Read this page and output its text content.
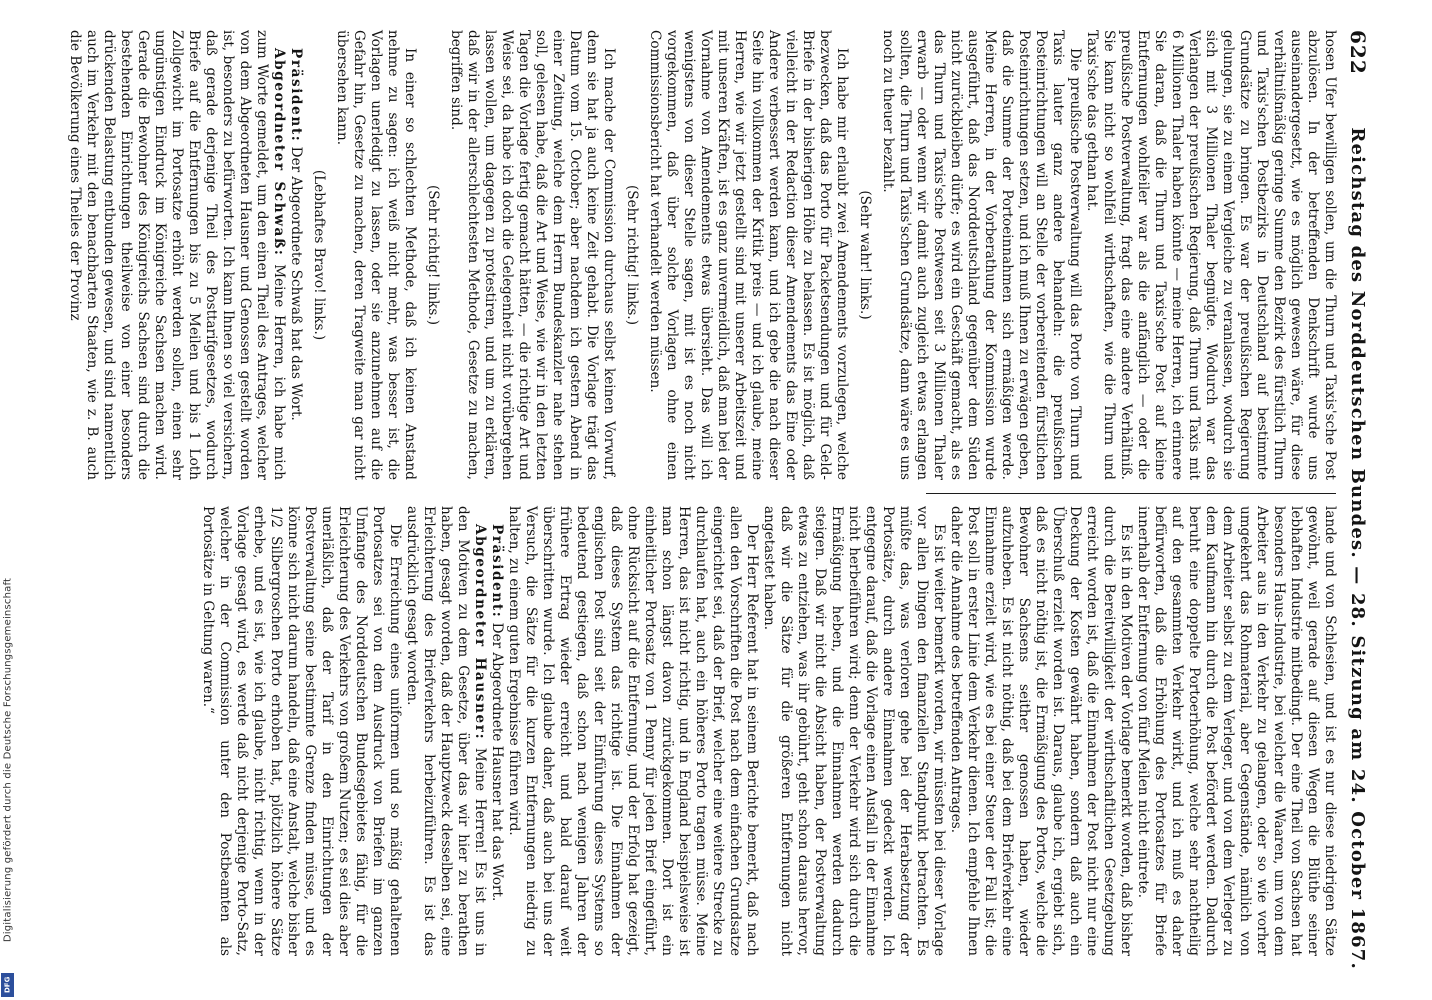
Digitalisierung gefördert durch die Deutsche Forschungsgemeinschaft
DFG
622
Reichstag des Norddeutschen Bundes. — 28. Sitzung am 24. October 1867.

hosen Ufer bewilligen sollen, um die Thurn und Taxis'sche Post abzulösen. In der betreffenden Denkschrift wurde uns auseinandergesetzt, wie es möglich gewesen wäre, für diese verhältnißmäßig geringe Summe den Bezirk des fürstlich Thurn und Taxis'schen Postbezirks in Deutschland auf bestimmte Grundsätze zu bringen. Es war der preußischen Regierung gelungen, sie zu einem Vergleiche zu veranlassen, wodurch sie sich mit 3 Millionen Thaler begnügte. Wodurch war das Verlangen der preußischen Regierung, daß Thurn und Taxis mit 6 Millionen Thaler haben könnte — meine Herren, ich erinnere Sie daran, daß die Thurn und Taxis'sche Post auf kleine Entfernungen wohlfeiler war als die anfänglich — oder die preußische Postverwaltung, fragt das eine andere Verhältniß. Sie kann nicht so wohlfeil wirthschaften, wie die Thurn und Taxis'sche das gethan hat.

Die preußische Postverwaltung will das Porto von Thurn und Taxis lauter ganz andere behandeln: die preußischen Posteinrichtungen will an Stelle der vorbereitenden fürstlichen Posteinrichtungen setzen, und ich muß Ihnen zu erwägen geben, daß die Summe der Portoeinnahmen sich ermäßigen werde. Meine Herren, in der Vorberathung der Kommission wurde ausgeführt, daß das Norddeutschland gegenüber dem Süden nicht zurückbleiben dürfe; es wird ein Geschäft gemacht, als es das Thurn und Taxis'sche Postwesen seit 3 Millionen Thaler erwarb — oder wenn wir damit auch zugleich etwas erlangen sollten, die Thurn und Taxis'schen Grundsätze, dann wäre es uns noch zu theuer bezahlt.

(Sehr wahr! links.)

Ich habe mir erlaubt zwei Amendements vorzulegen, welche bezwecken, daß das Porto für Packetsendungen und für Geld-Briefe in der bisherigen Höhe zu belassen. Es ist möglich, daß vielleicht in der Redaction dieser Amendements das Eine oder Andere verbessert werden kann, und ich gebe die nach dieser Seite hin vollkommen der Kritik preis — und ich glaube, meine Herren, wie wir jetzt gestellt sind mit unserer Arbeitszeit und mit unseren Kräften, ist es ganz unvermeidlich, daß man bei der Vornahme von Amendements etwas übersieht. Das will ich wenigstens von dieser Stelle sagen, mit ist es noch nicht vorgekommen, daß über solche Vorlagen ohne einen Commissionsbericht hat verhandelt werden müssen.

(Sehr richtig! links.)

Ich mache der Commission durchaus selbst keinen Vorwurf, denn sie hat ja auch keine Zeit gehabt. Die Vorlage trägt das Datum vom 15. October; aber nachdem ich gestern Abend in einer Zeitung, welche dem Herrn Bundeskanzler nahe stehen soll, gelesen habe, daß die Art und Weise, wie wir in den letzten Tagen die Vorlage fertig gemacht hätten, — die richtige Art und Weise sei, da habe ich doch die Gelegenheit nicht vorübergehen lassen wollen, um dagegen zu protestiren, und um zu erklären, daß wir in der allerschlechtesten Methode, Gesetze zu machen, begriffen sind.

(Sehr richtig! links.)

In einer so schlechten Methode, daß ich keinen Anstand nehme zu sagen: ich weiß nicht mehr, was besser ist, die Vorlagen unerledigt zu lassen, oder sie anzunehmen auf die Gefahr hin, Gesetze zu machen, deren Tragweite man gar nicht übersehen kann.

(Lebhaftes Bravo! links.)

Präsident: Der Abgeordnete Schwaß hat das Wort.

Abgeordneter Schwaß: Meine Herren, ich habe mich zum Worte gemeldet, um den einen Theil des Antrages, welcher von dem Abgeordneten Hausner und Genossen gestellt worden ist, besonders zu befürworten. Ich kann Ihnen so viel versichern, daß gerade derjenige Theil des Posttarifgesetzes, wodurch Briefe auf die Entfernungen bis zu 5 Meilen und bis 1 Loth Zollgewicht im Portosatze erhöht werden sollen, einen sehr ungünstigen Eindruck im Königreiche Sachsen machen wird. Gerade die Bewohner des Königreichs Sachsen sind durch die bestehenden Einrichtungen theilweise von einer besonders drückenden Belastung entbunden gewesen, und sind namentlich auch im Verkehr mit den benachbarten Staaten, wie z. B. auch die Bevölkerung eines Theiles der Provinz

lande und von Schlesien, und ist es nur diese niedrigen Sätze gewöhnt, weil gerade auf diesen Wegen die Blüthe seiner lebhaften Industrie mitbedingt. Der eine Theil von Sachsen hat besonders Haus-Industrie, bei welcher die Waaren, um von dem Arbeiter aus in den Verkehr zu gelangen, oder so wie vorher umgekehrt das Rohmaterial, aber Gegenstände, nämlich von dem Arbeiter selbst zu dem Verleger, und von dem Verleger zu dem Kaufmann hin durch die Post befördert werden. Dadurch beruht eine doppelte Portoerhöhung, welche sehr nachtheilig auf den gesammten Verkehr wirkt, und ich muß es daher befürworten, daß die Erhöhung des Portosatzes für Briefe innerhalb der Entfernung von fünf Meilen nicht eintrete.

Es ist in den Motiven der Vorlage bemerkt worden, daß bisher durch die Bereitwilligkeit der wirthschaftlichen Gesetzgebung erreicht worden ist, daß die Einnahmen der Post nicht nur eine Deckung der Kosten gewährt haben, sondern daß auch ein Überschuß erzielt worden ist. Daraus, glaube ich, ergiebt sich, daß es nicht nöthig ist, die Ermäßigung des Portos, welche die Bewohner Sachsens seither genossen haben, wieder aufzuheben. Es ist nicht nöthig, daß bei dem Briefverkehr eine Einnahme erzielt wird, wie es bei einer Steuer der Fall ist; die Post soll in erster Linie dem Verkehr dienen. Ich empfehle Ihnen daher die Annahme des betreffenden Antrages.

Es ist weiter bemerkt worden, wir müssten bei dieser Vorlage vor allen Dingen den finanziellen Standpunkt betrachten. Es müßte das, was verloren gehe bei der Herabsetzung der Portosätze, durch andere Einnahmen gedeckt werden. Ich entgegne darauf, daß die Vorlage einen Ausfall in der Einnahme nicht herbeiführen wird; denn der Verkehr wird sich durch die Ermäßigung heben, und die Einnahmen werden dadurch steigen. Daß wir nicht die Absicht haben, der Postverwaltung etwas zu entziehen, was ihr gebührt, geht schon daraus hervor, daß wir die Sätze für die größeren Entfernungen nicht angetastet haben.

Der Herr Referent hat in seinem Berichte bemerkt, daß nach allen den Vorschriften die Post nach dem einfachen Grundsatze eingerichtet sei, daß der Brief, welcher eine weitere Strecke zu durchlaufen hat, auch ein höheres Porto tragen müsse. Meine Herren, das ist nicht richtig, und in England beispielsweise ist man schon längst davon zurückgekommen. Dort ist ein einheitlicher Portosatz von 1 Penny für jeden Brief eingeführt, ohne Rücksicht auf die Entfernung, und der Erfolg hat gezeigt, daß dieses System das richtige ist. Die Einnahmen der englischen Post sind seit der Einführung dieses Systems so bedeutend gestiegen, daß schon nach wenigen Jahren der frühere Ertrag wieder erreicht und bald darauf weit überschritten wurde. Ich glaube daher, daß auch bei uns der Versuch, die Sätze für die kurzen Entfernungen niedrig zu halten, zu einem guten Ergebnisse führen wird.

Präsident: Der Abgeordnete Hausner hat das Wort.

Abgeordneter Hausner: Meine Herren! Es ist uns in den Motiven zu dem Gesetze, über das wir hier zu berathen haben, gesagt worden, daß der Hauptzweck desselben sei, eine Erleichterung des Briefverkehrs herbeizuführen. Es ist das ausdrücklich gesagt worden.

Die Erreichung eines uniformen und so mäßig gehaltenen Portosatzes sei von dem Ausdruck von Briefen im ganzen Umfange des Norddeutschen Bundesgebietes fähig, für die Erleichterung des Verkehrs von großem Nutzen; es sei dies aber unerläßlich, daß der Tarif in den Einrichtungen der Postverwaltung seine bestimmte Grenze finden müsse, und es könne sich nicht darum handeln, daß eine Anstalt, welche bisher 1/2 Silbergroschen Porto erhoben hat, plötzlich höhere Sätze erhebe, und es ist, wie ich glaube, nicht richtig, wenn in der Vorlage gesagt wird, es werde daß nicht derjenige Porto-Satz, welcher in der Commission unter den Postbeamten als Portosätze in Geltung waren.“
